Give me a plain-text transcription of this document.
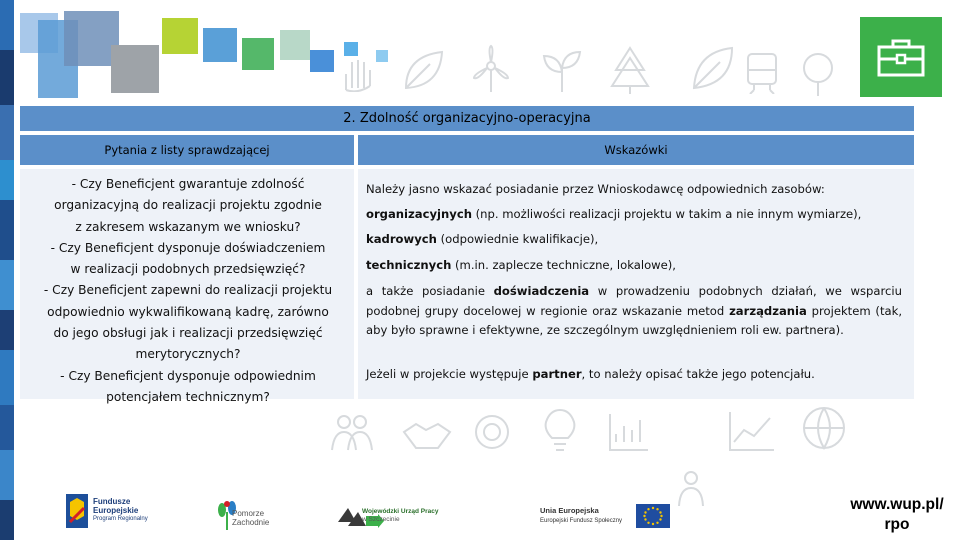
2. Zdolność organizacyjno-operacyjna
Pytania z listy sprawdzającej	Wskazówki
- Czy Beneficjent gwarantuje zdolność
organizacyjną do realizacji projektu zgodnie
z zakresem wskazanym we wniosku?
- Czy Beneficjent dysponuje doświadczeniem
w realizacji podobnych przedsięwzięć?
- Czy Beneficjent zapewni do realizacji projektu
odpowiednio wykwalifikowaną kadrę, zarówno
do jego obsługi jak i realizacji przedsięwzięć
merytorycznych?
- Czy Beneficjent dysponuje odpowiednim
potencjałem technicznym?

Należy jasno wskazać posiadanie przez Wnioskodawcę odpowiednich zasobów:

organizacyjnych (np. możliwości realizacji projektu w takim a nie innym wymiarze),

kadrowych (odpowiednie kwalifikacje),

technicznych (m.in. zaplecze techniczne, lokalowe),

a także posiadanie doświadczenia w prowadzeniu podobnych działań, we wsparciu podobnej grupy docelowej w regionie oraz wskazanie metod zarządzania projektem (tak, aby było sprawne i efektywne, ze szczególnym uwzględnieniem roli ew. partnera).

Jeżeli w projekcie występuje partner, to należy opisać także jego potencjału.

Fundusze
Europejskie
Program Regionalny
Pomorze
Zachodnie
Wojewódzki Urząd Pracy
w Szczecinie
Unia Europejska
Europejski Fundusz Społeczny
www.wup.pl/
rpo
